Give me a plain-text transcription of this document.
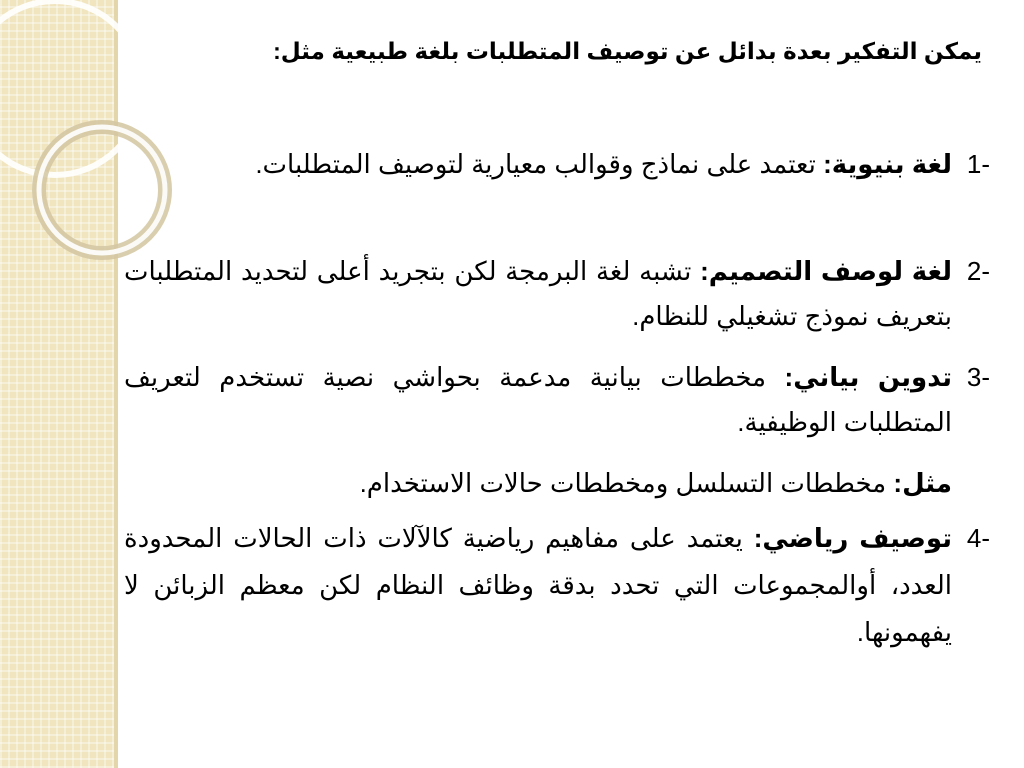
يمكن التفكير بعدة بدائل عن توصيف المتطلبات بلغة طبيعية مثل:
1-
لغة بنيوية: تعتمد على نماذج وقوالب معيارية لتوصيف المتطلبات.
2-
لغة لوصف التصميم: تشبه لغة البرمجة لكن بتجريد أعلى لتحديد المتطلبات بتعريف نموذج تشغيلي للنظام.
3-
تدوين بياني: مخططات بيانية مدعمة بحواشي نصية تستخدم لتعريف المتطلبات الوظيفية.
مثل: مخططات التسلسل ومخططات حالات الاستخدام.
4-
توصيف رياضي: يعتمد على مفاهيم رياضية كالآلات ذات الحالات المحدودة العدد، أوالمجموعات التي تحدد بدقة وظائف النظام لكن معظم الزبائن لا يفهمونها.
